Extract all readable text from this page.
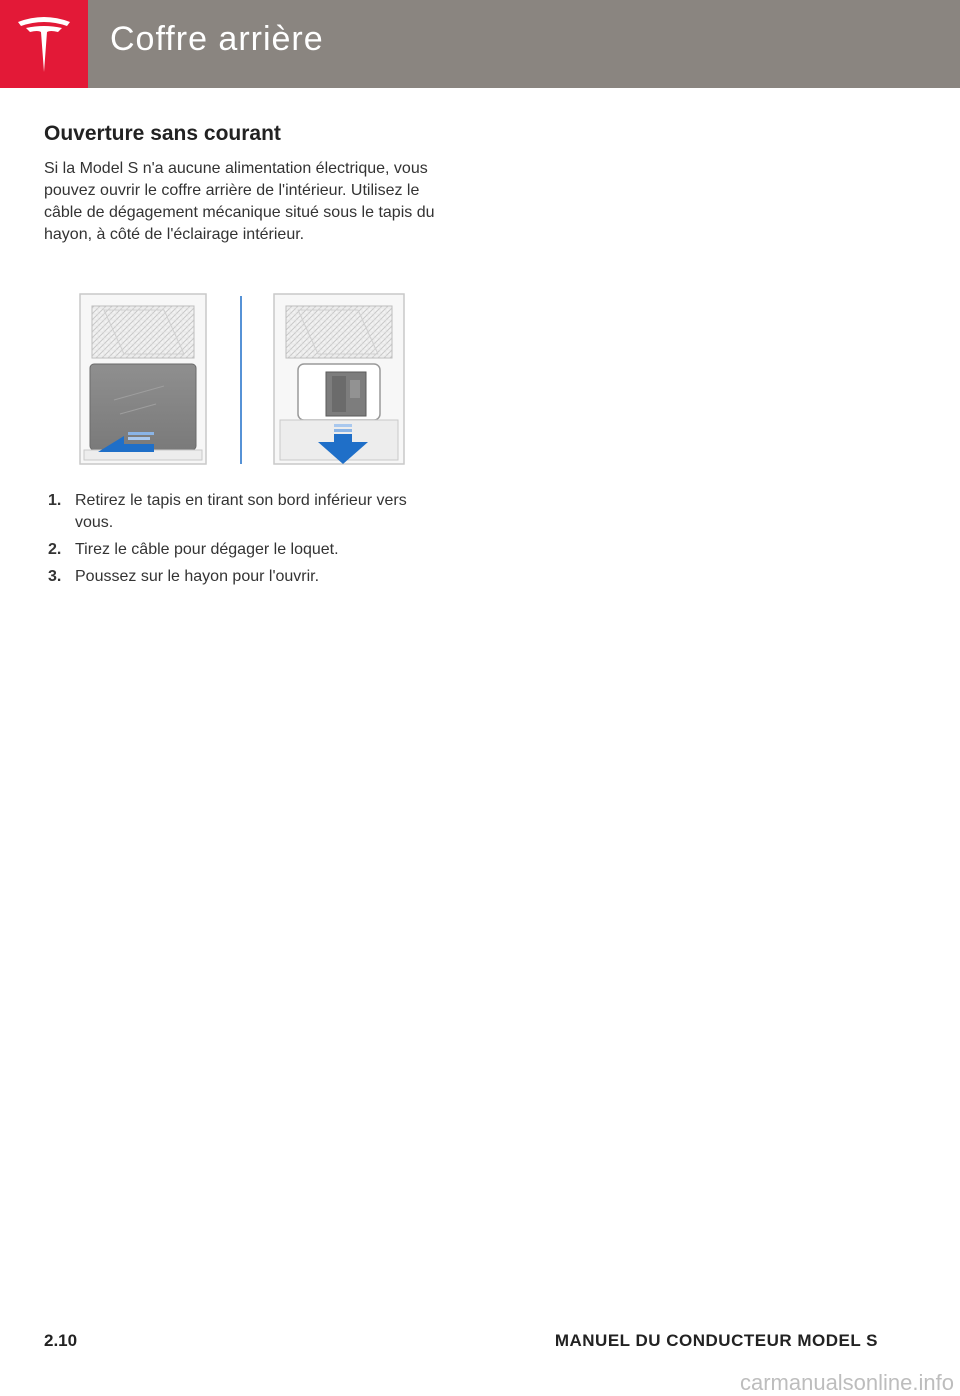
Coffre arrière
Ouverture sans courant

Si la Model S n'a aucune alimentation électrique, vous pouvez ouvrir le coffre arrière de l'intérieur. Utilisez le câble de dégagement mécanique situé sous le tapis du hayon, à côté de l'éclairage intérieur.

1. Retirez le tapis en tirant son bord inférieur vers vous.
2. Tirez le câble pour dégager le loquet.
3. Poussez sur le hayon pour l'ouvrir.
2.10	MANUEL DU CONDUCTEUR MODEL S
carmanualsonline.info
